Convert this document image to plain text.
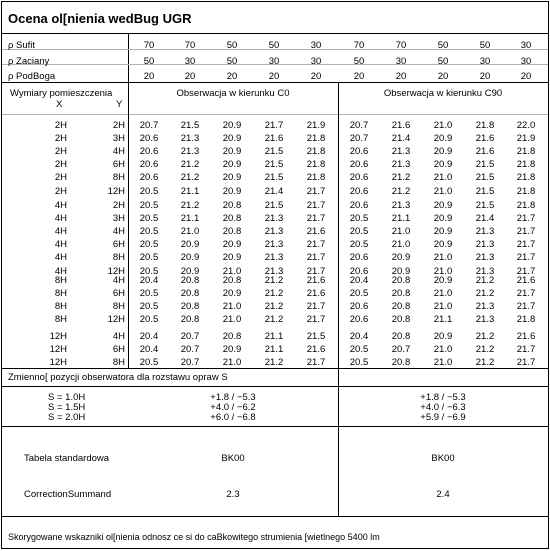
Ocena ol[nienia wedBug UGR
ρ Sufit	70	70	50	50	30	70	70	50	50	30
ρ Zaciany	50	30	50	30	30	50	30	50	30	30
ρ PodBoga	20	20	20	20	20	20	20	20	20	20
Wymiary pomieszczenia
X	Y
Obserwacja w kierunku C0	Obserwacja w kierunku C90
2H	2H	20.7	21.5	20.9	21.7	21.9	20.7	21.6	21.0	21.8	22.0
2H	3H	20.6	21.3	20.9	21.6	21.8	20.7	21.4	20.9	21.6	21.9
2H	4H	20.6	21.3	20.9	21.5	21.8	20.6	21.3	20.9	21.6	21.8
2H	6H	20.6	21.2	20.9	21.5	21.8	20.6	21.3	20.9	21.5	21.8
2H	8H	20.6	21.2	20.9	21.5	21.8	20.6	21.2	21.0	21.5	21.8
2H	12H	20.5	21.1	20.9	21.4	21.7	20.6	21.2	21.0	21.5	21.8
4H	2H	20.5	21.2	20.8	21.5	21.7	20.6	21.3	20.9	21.5	21.8
4H	3H	20.5	21.1	20.8	21.3	21.7	20.5	21.1	20.9	21.4	21.7
4H	4H	20.5	21.0	20.8	21.3	21.6	20.5	21.0	20.9	21.3	21.7
4H	6H	20.5	20.9	20.9	21.3	21.7	20.5	21.0	20.9	21.3	21.7
4H	8H	20.5	20.9	20.9	21.3	21.7	20.6	20.9	21.0	21.3	21.7
4H	12H	20.5	20.9	21.0	21.3	21.7	20.6	20.9	21.0	21.3	21.7
8H	4H	20.4	20.8	20.8	21.2	21.6	20.4	20.8	20.9	21.2	21.6
8H	6H	20.5	20.8	20.9	21.2	21.6	20.5	20.8	21.0	21.2	21.7
8H	8H	20.5	20.8	21.0	21.2	21.7	20.6	20.8	21.0	21.3	21.7
8H	12H	20.5	20.8	21.0	21.2	21.7	20.6	20.8	21.1	21.3	21.8
12H	4H	20.4	20.7	20.8	21.1	21.5	20.4	20.8	20.9	21.2	21.6
12H	6H	20.4	20.7	20.9	21.1	21.6	20.5	20.7	21.0	21.2	21.7
12H	8H	20.5	20.7	21.0	21.2	21.7	20.5	20.8	21.0	21.2	21.7
Zmienno[ pozycji obserwatora dla rozstawu opraw S
S = 1.0H	+1.8 / −5.3	+1.8 / −5.3
S = 1.5H	+4.0 / −6.2	+4.0 / −6.3
S = 2.0H	+6.0 / −6.8	+5.9 / −6.9
Tabela standardowa	BK00	BK00
CorrectionSummand	2.3	2.4
Skorygowane wskazniki ol[nienia odnosz ce si do caBkowitego strumienia [wietlnego 5400 lm
